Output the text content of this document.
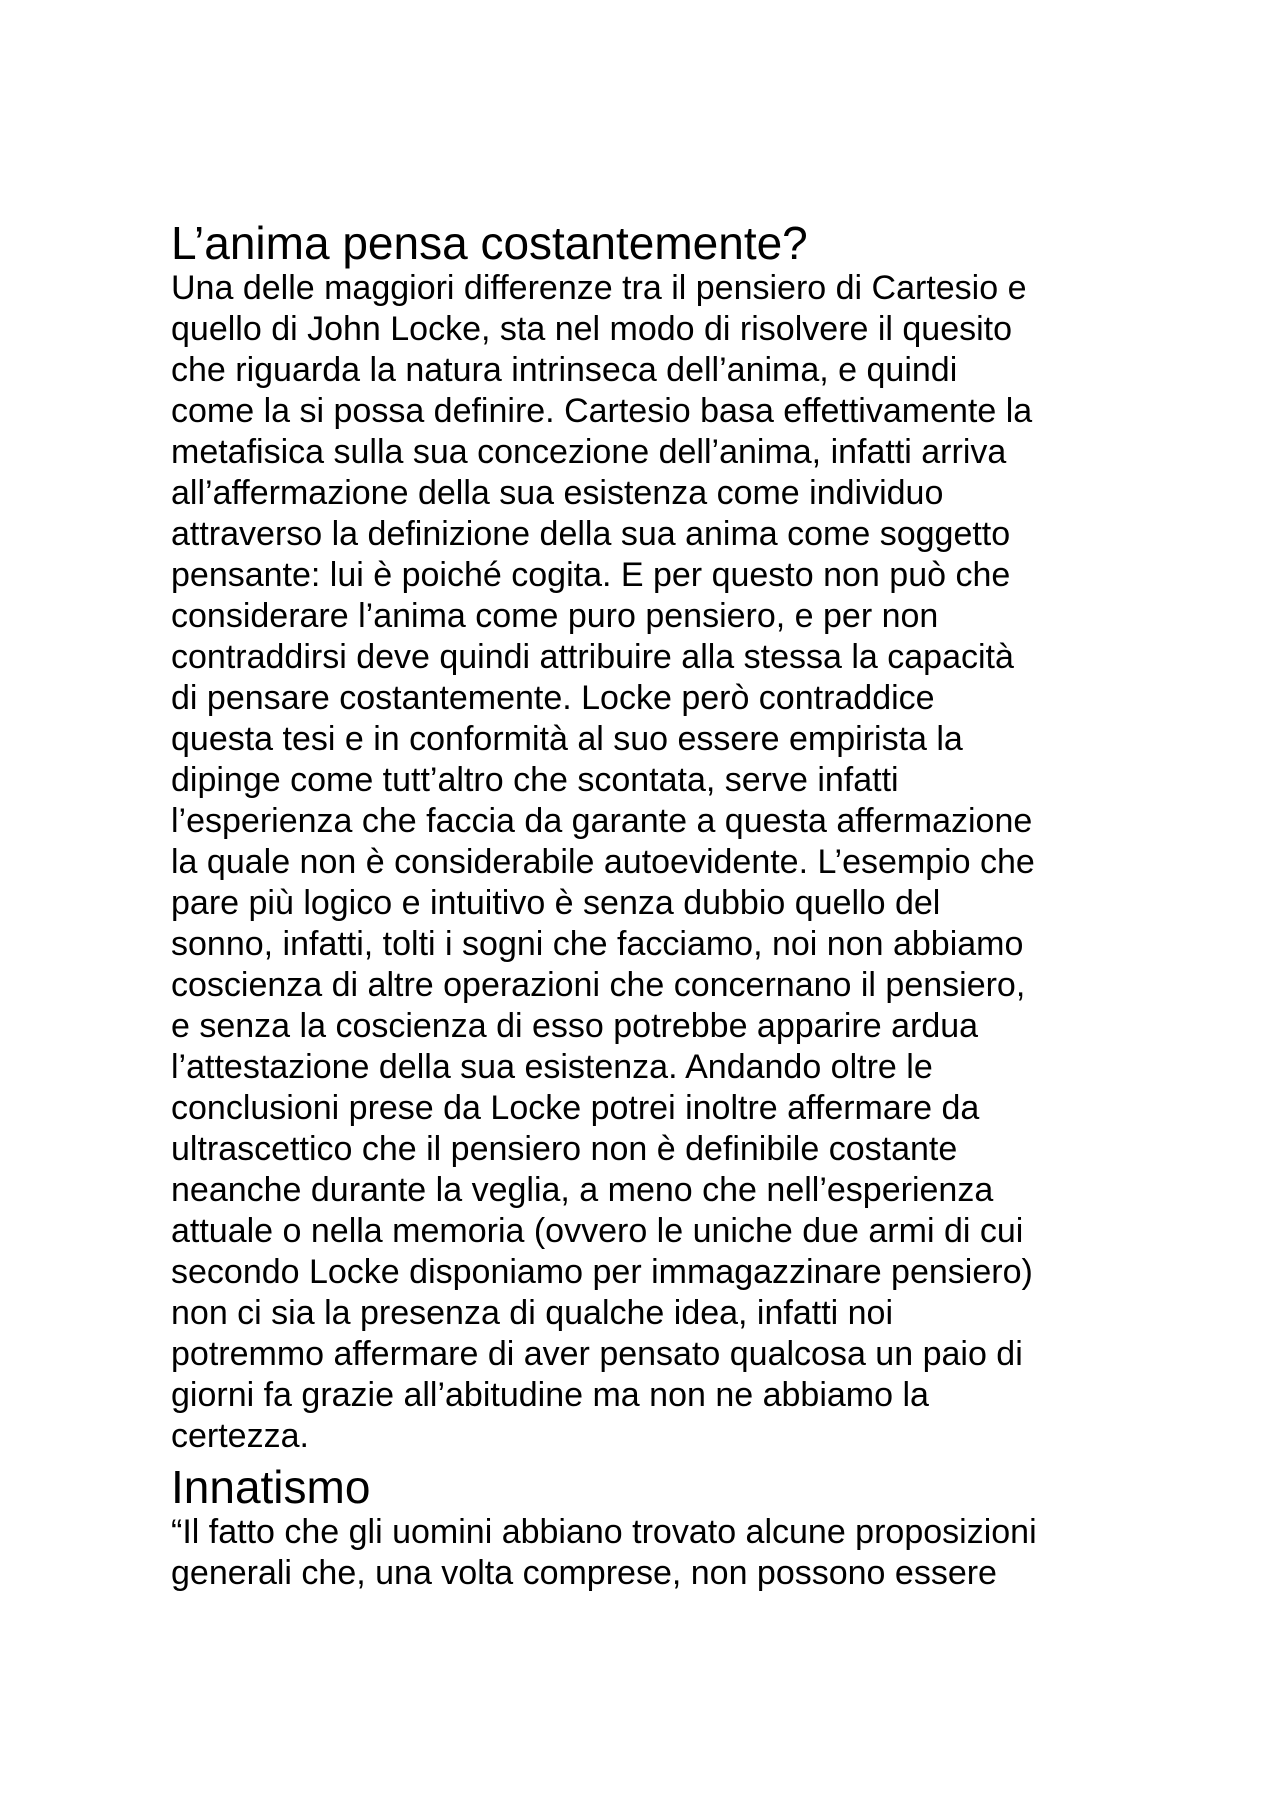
L’anima pensa costantemente?

Una delle maggiori differenze tra il pensiero di Cartesio e

quello di John Locke, sta nel modo di risolvere il quesito

che riguarda la natura intrinseca dell’anima, e quindi

come la si possa definire. Cartesio basa effettivamente la

metafisica sulla sua concezione dell’anima, infatti arriva

all’affermazione della sua esistenza come individuo

attraverso la definizione della sua anima come soggetto

pensante: lui è poiché cogita. E per questo non può che

considerare l’anima come puro pensiero, e per non

contraddirsi deve quindi attribuire alla stessa la capacità

di pensare costantemente. Locke però contraddice

questa tesi e in conformità al suo essere empirista la

dipinge come tutt’altro che scontata, serve infatti

l’esperienza che faccia da garante a questa affermazione

la quale non è considerabile autoevidente. L’esempio che

pare più logico e intuitivo è senza dubbio quello del

sonno, infatti, tolti i sogni che facciamo, noi non abbiamo

coscienza di altre operazioni che concernano il pensiero,

e senza la coscienza di esso potrebbe apparire ardua

l’attestazione della sua esistenza. Andando oltre le

conclusioni prese da Locke potrei inoltre affermare da

ultrascettico che il pensiero non è definibile costante

neanche durante la veglia, a meno che nell’esperienza

attuale o nella memoria (ovvero le uniche due armi di cui

secondo Locke disponiamo per immagazzinare pensiero)

non ci sia la presenza di qualche idea, infatti noi

potremmo affermare di aver pensato qualcosa un paio di

giorni fa grazie all’abitudine ma non ne abbiamo la

certezza.

Innatismo

“Il fatto che gli uomini abbiano trovato alcune proposizioni

generali che, una volta comprese, non possono essere
